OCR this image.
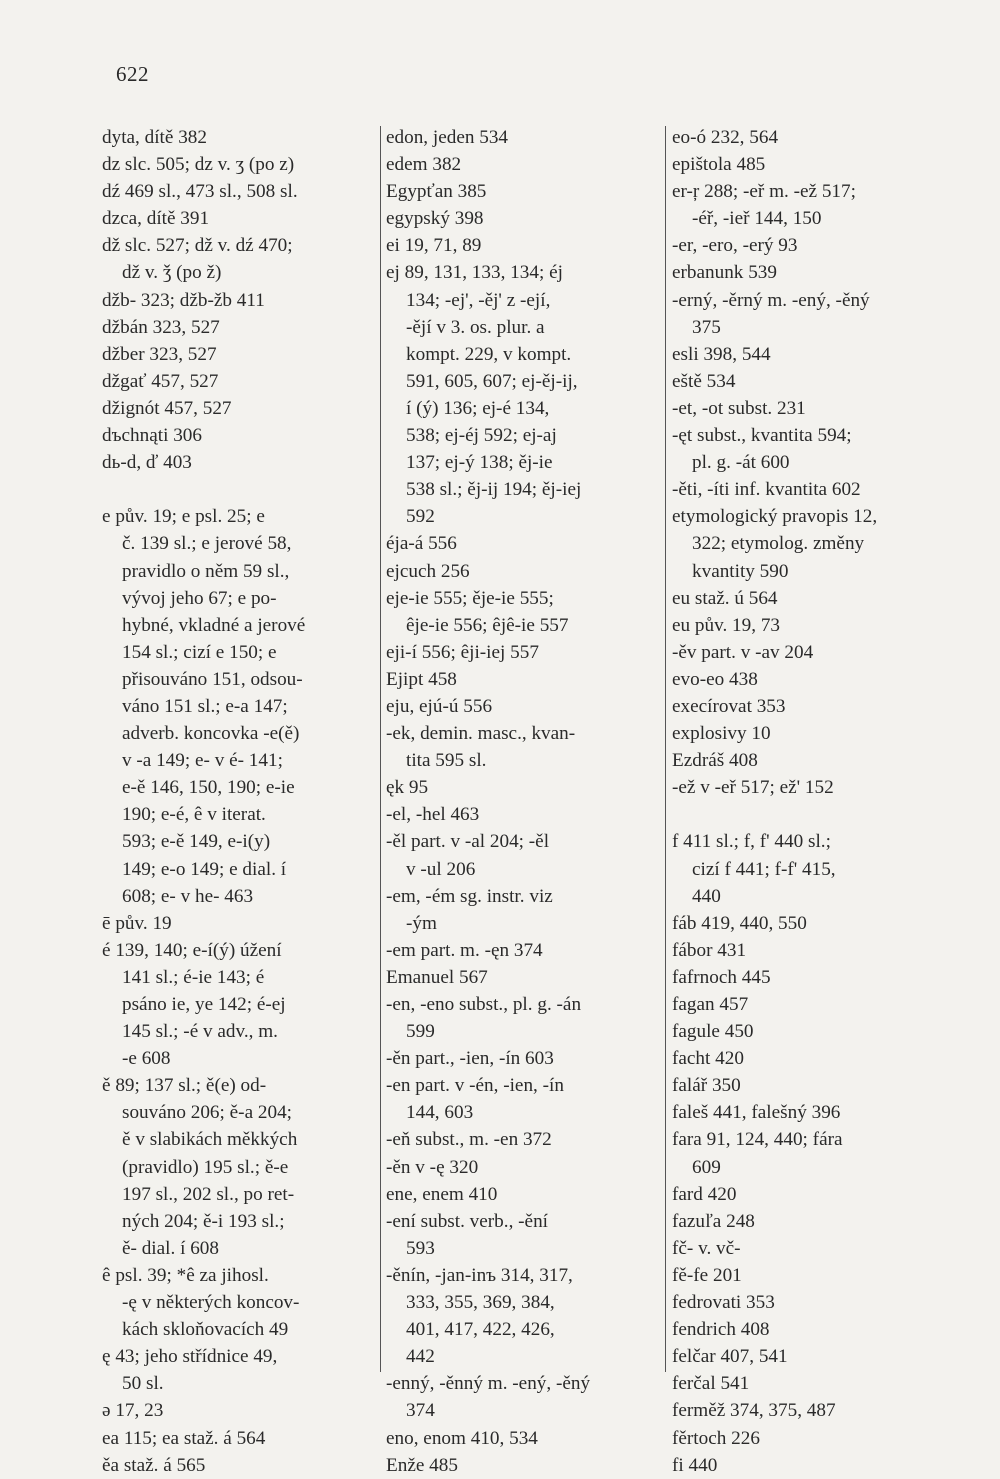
622
dyta, dítě 382
dz slc. 505; dz v. ʒ (po z)
dź 469 sl., 473 sl., 508 sl.
dzca, dítě 391
dž slc. 527; dž v. dź 470;
dž v. ǯ (po ž)
džb- 323; džb-žb 411
džbán 323, 527
džber 323, 527
džgať 457, 527
džignót 457, 527
dъchnąti 306
dь-d, ď 403
e pův. 19; e psl. 25; e
č. 139 sl.; e jerové 58,
pravidlo o něm 59 sl.,
vývoj jeho 67; e po-
hybné, vkladné a jerové
154 sl.; cizí e 150; e
přisouváno 151, odsou-
váno 151 sl.; e-a 147;
adverb. koncovka -e(ě)
v -a 149; e- v é- 141;
e-ě 146, 150, 190; e-ie
190; e-é, ê v iterat.
593; e-ě 149, e-i(y)
149; e-o 149; e dial. í
608; e- v he- 463
ē pův. 19
é 139, 140; e-í(ý) úžení
141 sl.; é-ie 143; é
psáno ie, ye 142; é-ej
145 sl.; -é v adv., m.
-e 608
ě 89; 137 sl.; ě(e) od-
souváno 206; ě-a 204;
ě v slabikách měkkých
(pravidlo) 195 sl.; ě-e
197 sl., 202 sl., po ret-
ných 204; ě-i 193 sl.;
ě- dial. í 608
ê psl. 39; *ê za jihosl.
-ę v některých koncov-
kách skloňovacích 49
ę 43; jeho střídnice 49,
50 sl.
ə 17, 23
ea 115; ea staž. á 564
ěa staž. á 565
edon, jeden 534
edem 382
Egypťan 385
egypský 398
ei 19, 71, 89
ej 89, 131, 133, 134; éj
134; -ej', -ěj' z -ejí,
-ějí v 3. os. plur. a
kompt. 229, v kompt.
591, 605, 607; ej-ěj-ij,
í (ý) 136; ej-é 134,
538; ej-éj 592; ej-aj
137; ej-ý 138; ěj-ie
538 sl.; ěj-ij 194; ěj-iej
592
éja-á 556
ejcuch 256
eje-ie 555; ěje-ie 555;
êje-ie 556; êjê-ie 557
eji-í 556; êji-iej 557
Ejipt 458
eju, ejú-ú 556
-ek, demin. masc., kvan-
tita 595 sl.
ęk 95
-el, -hel 463
-ěl part. v -al 204; -ěl
v -ul 206
-em, -ém sg. instr. viz
-ým
-em part. m. -ęn 374
Emanuel 567
-en, -eno subst., pl. g. -án
599
-ěn part., -ien, -ín 603
-en part. v -én, -ien, -ín
144, 603
-eň subst., m. -en 372
-ěn v -ę 320
ene, enem 410
-ení subst. verb., -ění
593
-ěnín, -jan-inъ 314, 317,
333, 355, 369, 384,
401, 417, 422, 426,
442
-enný, -ěnný m. -ený, -ěný
374
eno, enom 410, 534
Enže 485
eo-ó 232, 564
epištola 485
er-ŗ 288; -eř m. -ež 517;
-éř, -ieř 144, 150
-er, -ero, -erý 93
erbanunk 539
-erný, -ěrný m. -ený, -ěný
375
esli 398, 544
eště 534
-et, -ot subst. 231
-ęt subst., kvantita 594;
pl. g. -át 600
-ěti, -íti inf. kvantita 602
etymologický pravopis 12,
322; etymolog. změny
kvantity 590
eu staž. ú 564
eu pův. 19, 73
-ěv part. v -av 204
evo-eo 438
execírovat 353
explosivy 10
Ezdráš 408
-ež v -eř 517; ež' 152
f 411 sl.; f, f' 440 sl.;
cizí f 441; f-f' 415,
440
fáb 419, 440, 550
fábor 431
fafrnoch 445
fagan 457
fagule 450
facht 420
falář 350
faleš 441, falešný 396
fara 91, 124, 440; fára
609
fard 420
fazuľa 248
fč- v. vč-
fě-fe 201
fedrovati 353
fendrich 408
felčar 407, 541
ferčal 541
ferměž 374, 375, 487
fěrtoch 226
fi 440
